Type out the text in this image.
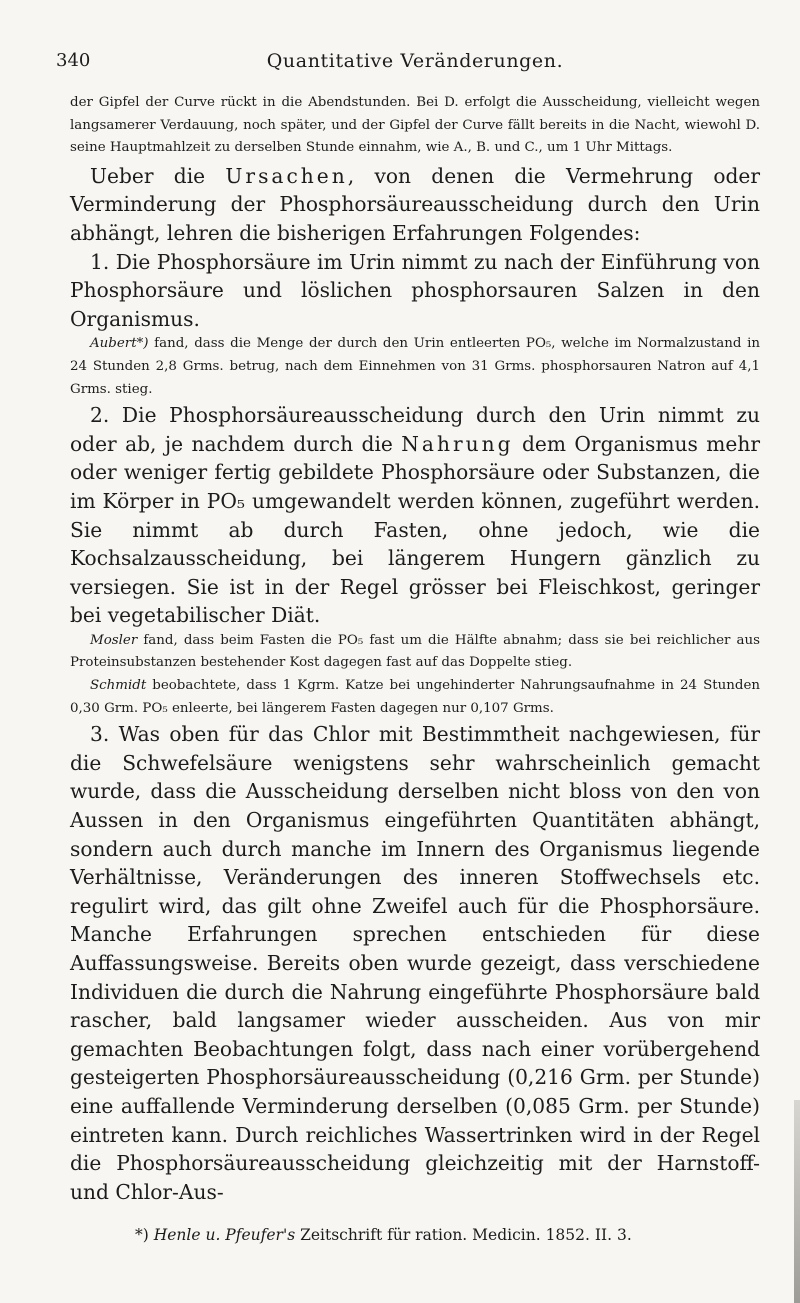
340	Quantitative Veränderungen.

der Gipfel der Curve rückt in die Abendstunden. Bei D. erfolgt die Ausscheidung, vielleicht wegen langsamerer Verdauung, noch später, und der Gipfel der Curve fällt bereits in die Nacht, wiewohl D. seine Hauptmahlzeit zu derselben Stunde einnahm, wie A., B. und C., um 1 Uhr Mittags.

Ueber die Ursachen, von denen die Vermehrung oder Verminderung der Phosphorsäureausscheidung durch den Urin abhängt, lehren die bisherigen Erfahrungen Folgendes:

1. Die Phosphorsäure im Urin nimmt zu nach der Einführung von Phosphorsäure und löslichen phosphorsauren Salzen in den Organismus.

Aubert*) fand, dass die Menge der durch den Urin entleerten PO₅, welche im Normalzustand in 24 Stunden 2,8 Grms. betrug, nach dem Einnehmen von 31 Grms. phosphorsauren Natron auf 4,1 Grms. stieg.

2. Die Phosphorsäureausscheidung durch den Urin nimmt zu oder ab, je nachdem durch die Nahrung dem Organismus mehr oder weniger fertig gebildete Phosphorsäure oder Substanzen, die im Körper in PO₅ umgewandelt werden können, zugeführt werden. Sie nimmt ab durch Fasten, ohne jedoch, wie die Kochsalzausscheidung, bei längerem Hungern gänzlich zu versiegen. Sie ist in der Regel grösser bei Fleischkost, geringer bei vegetabilischer Diät.

Mosler fand, dass beim Fasten die PO₅ fast um die Hälfte abnahm; dass sie bei reichlicher aus Proteinsubstanzen bestehender Kost dagegen fast auf das Doppelte stieg.

Schmidt beobachtete, dass 1 Kgrm. Katze bei ungehinderter Nahrungsaufnahme in 24 Stunden 0,30 Grm. PO₅ enleerte, bei längerem Fasten dagegen nur 0,107 Grms.

3. Was oben für das Chlor mit Bestimmtheit nachgewiesen, für die Schwefelsäure wenigstens sehr wahrscheinlich gemacht wurde, dass die Ausscheidung derselben nicht bloss von den von Aussen in den Organismus eingeführten Quantitäten abhängt, sondern auch durch manche im Innern des Organismus liegende Verhältnisse, Veränderungen des inneren Stoffwechsels etc. regulirt wird, das gilt ohne Zweifel auch für die Phosphorsäure. Manche Erfahrungen sprechen entschieden für diese Auffassungsweise. Bereits oben wurde gezeigt, dass verschiedene Individuen die durch die Nahrung eingeführte Phosphorsäure bald rascher, bald langsamer wieder ausscheiden. Aus von mir gemachten Beobachtungen folgt, dass nach einer vorübergehend gesteigerten Phosphorsäureausscheidung (0,216 Grm. per Stunde) eine auffallende Verminderung derselben (0,085 Grm. per Stunde) eintreten kann. Durch reichliches Wassertrinken wird in der Regel die Phosphorsäureausscheidung gleichzeitig mit der Harnstoff- und Chlor-Aus-

*) Henle u. Pfeufer's Zeitschrift für ration. Medicin. 1852. II. 3.
